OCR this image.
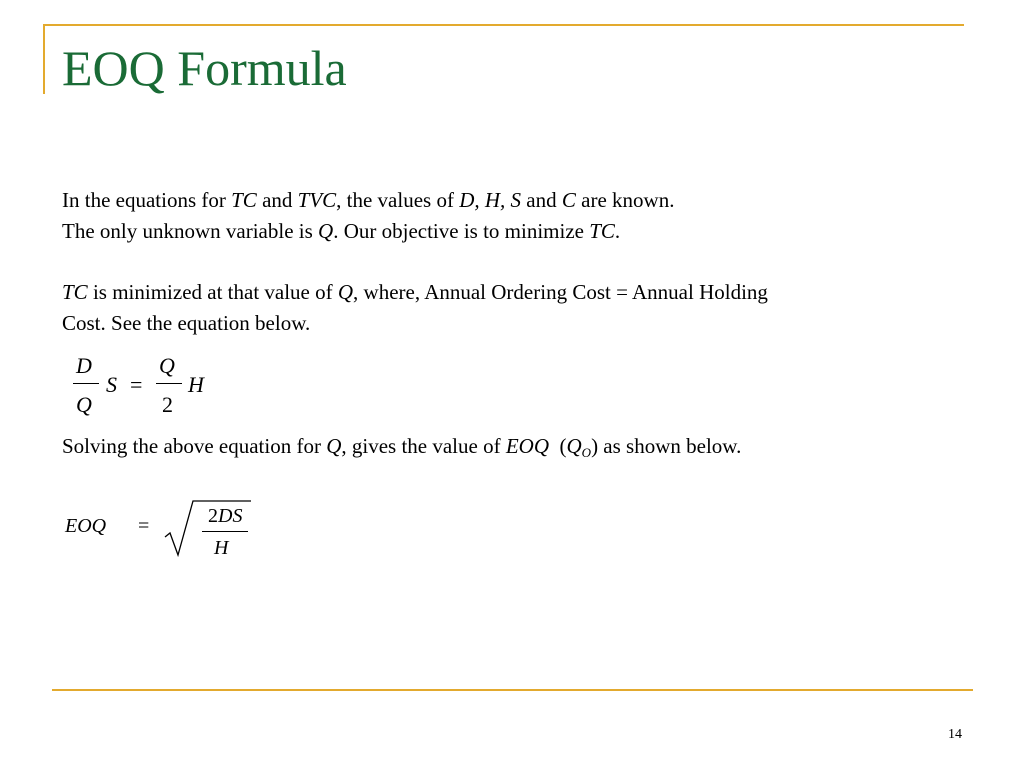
EOQ Formula
In the equations for TC and TVC, the values of D, H, S and C are known.
The only unknown variable is Q. Our objective is to minimize TC.
TC is minimized at that value of Q, where, Annual Ordering Cost = Annual Holding
Cost. See the equation below.
D
Q
S =
Q
2
H
Solving the above equation for Q, gives the value of EOQ  $(Q_O)$ as shown below.
EOQ =	2DS
H
14
